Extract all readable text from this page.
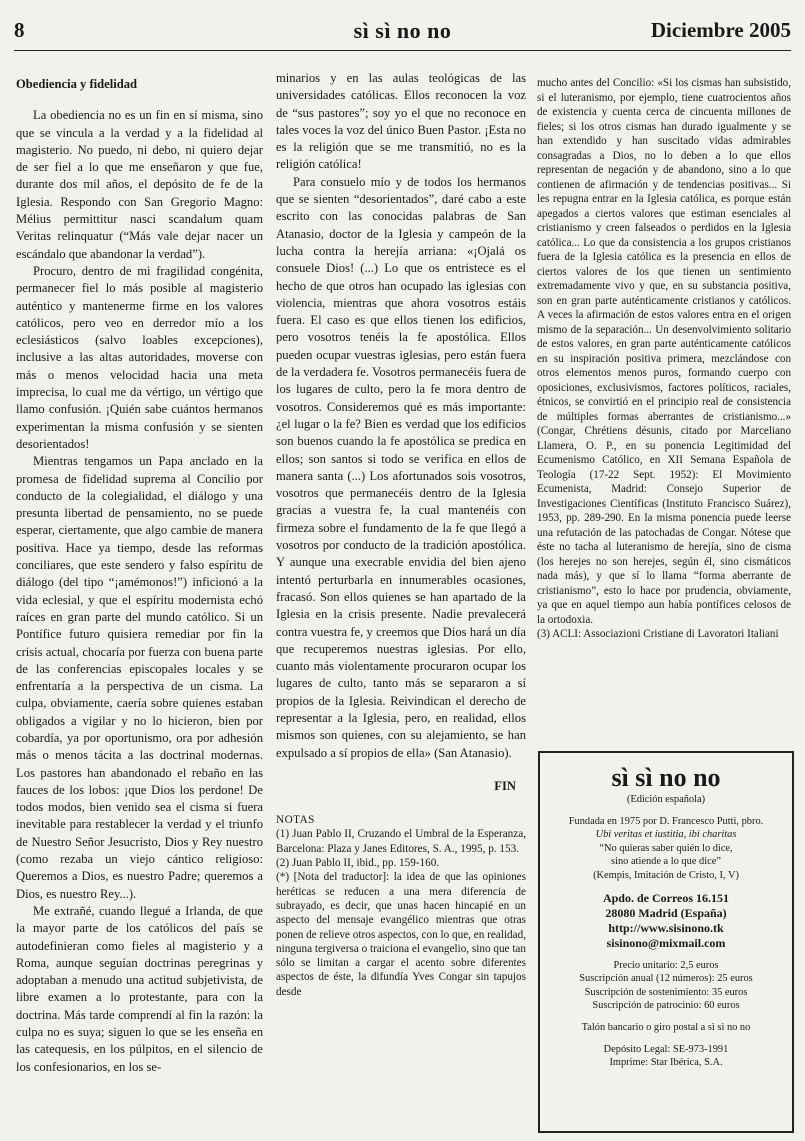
8	sì sì no no	Diciembre 2005
Obediencia y fidelidad

La obediencia no es un fin en sí misma, sino que se vincula a la verdad y a la fidelidad al magisterio. No puedo, ni debo, ni quiero dejar de ser fiel a lo que me enseñaron y que fue, durante dos mil años, el depósito de fe de la Iglesia. Respondo con San Gregorio Magno: Mélius permittitur nasci scandalum quam Veritas relinquatur (“Más vale dejar nacer un escándalo que abandonar la verdad”).

Procuro, dentro de mi fragilidad congénita, permanecer fiel lo más posible al magisterio auténtico y mantenerme firme en los valores católicos, pero veo en derredor mío a los eclesiásticos (salvo loables excepciones), inclusive a las altas autoridades, moverse con más o menos velocidad hacia una meta imprecisa, lo cual me da vértigo, un vértigo que llamo confusión. ¡Quién sabe cuántos hermanos experimentan la misma confusión y se sienten desorientados!

Mientras tengamos un Papa anclado en la promesa de fidelidad suprema al Concilio por conducto de la colegialidad, el diálogo y una presunta libertad de pensamiento, no se puede esperar, ciertamente, que algo cambie de manera positiva. Hace ya tiempo, desde las reformas conciliares, que este sendero y falso espíritu de diálogo (del tipo “¡amémonos!”) inficionó a la vida eclesial, y que el espíritu modernista echó raíces en gran parte del mundo católico. Si un Pontífice futuro quisiera remediar por fin la crisis actual, chocaría por fuerza con buena parte de las conferencias episcopales locales y se enfrentaría a la perspectiva de un cisma. La culpa, obviamente, caería sobre quienes estaban obligados a vigilar y no lo hicieron, bien por cobardía, ya por oportunismo, ora por adhesión más o menos tácita a las doctrinal modernas. Los pastores han abandonado el rebaño en las fauces de los lobos: ¡que Dios los perdone! De todos modos, bien venido sea el cisma si fuera inevitable para restablecer la verdad y el triunfo de Nuestro Señor Jesucristo, Dios y Rey nuestro (como rezaba un viejo cántico religioso: Queremos a Dios, es nuestro Padre; queremos a Dios, es nuestro Rey...).

Me extrañé, cuando llegué a Irlanda, de que la mayor parte de los católicos del país se autodefinieran como fieles al magisterio y a Roma, aunque seguían doctrinas peregrinas y adoptaban a menudo una actitud subjetivista, de libre examen a lo protestante, para con la doctrina. Más tarde comprendí al fin la razón: la culpa no es suya; siguen lo que se les enseña en las catequesis, en los púlpitos, en el silencio de los confesionarios, en los se-

minarios y en las aulas teológicas de las universidades católicas. Ellos reconocen la voz de “sus pastores”; soy yo el que no reconoce en tales voces la voz del único Buen Pastor. ¡Esta no es la religión que se me transmitió, no es la religión católica!

Para consuelo mío y de todos los hermanos que se sienten “desorientados”, daré cabo a este escrito con las conocidas palabras de San Atanasio, doctor de la Iglesia y campeón de la lucha contra la herejía arriana: «¡Ojalá os consuele Dios! (...) Lo que os entristece es el hecho de que otros han ocupado las iglesias con violencia, mientras que ahora vosotros estáis fuera. El caso es que ellos tienen los edificios, pero vosotros tenéis la fe apostólica. Ellos pueden ocupar vuestras iglesias, pero están fuera de la verdadera fe. Vosotros permanecéis fuera de los lugares de culto, pero la fe mora dentro de vosotros. Consideremos qué es más importante: ¿el lugar o la fe? Bien es verdad que los edificios son buenos cuando la fe apostólica se predica en ellos; son santos si todo se verifica en ellos de manera santa (...) Los afortunados sois vosotros, vosotros que permanecéis dentro de la Iglesia gracias a vuestra fe, la cual mantenéis con firmeza sobre el fundamento de la fe que llegó a vosotros por conducto de la tradición apostólica. Y aunque una execrable envidia del bien ajeno intentó perturbarla en innumerables ocasiones, fracasó. Son ellos quienes se han apartado de la Iglesia en la crisis presente. Nadie prevalecerá contra vuestra fe, y creemos que Dios hará un día que recuperemos nuestras iglesias. Por ello, cuanto más violentamente procuraron ocupar los lugares de culto, tanto más se separaron a sí propios de la Iglesia. Reivindican el derecho de representar a la Iglesia, pero, en realidad, ellos mismos son quienes, con su alejamiento, se han expulsado a sí propios de ella» (San Atanasio).

FIN
NOTAS

(1) Juan Pablo II, Cruzando el Umbral de la Esperanza, Barcelona: Plaza y Janes Editores, S. A., 1995, p. 153.

(2) Juan Pablo II, ibid., pp. 159-160.

(*) [Nota del traductor]: la idea de que las opiniones heréticas se reducen a una mera diferencia de subrayado, es decir, que unas hacen hincapié en un aspecto del mensaje evangélico mientras que otras ponen de relieve otros aspectos, con lo que, en realidad, ninguna tergiversa o traiciona el evangelio, sino que tan sólo se limitan a cargar el acento sobre diferentes aspectos de éste, la difundía Yves Congar sin tapujos desde

mucho antes del Concilio: «Si los cismas han subsistido, si el luteranismo, por ejemplo, tiene cuatrocientos años de existencia y cuenta cerca de cincuenta millones de fieles; si los otros cismas han durado igualmente y se han extendido y han suscitado vidas admirables consagradas a Dios, no lo deben a lo que ellos representan de negación y de abandono, sino a lo que contienen de afirmación y de tendencias positivas... Si les repugna entrar en la Iglesia católica, es porque están apegados a ciertos valores que estiman esenciales al cristianismo y creen falseados o perdidos en la Iglesia católica... Lo que da consistencia a los grupos cristianos fuera de la Iglesia católica es la presencia en ellos de ciertos valores de los que tienen un sentimiento extremadamente vivo y que, en su substancia positiva, son en gran parte auténticamente cristianos y católicos. A veces la afirmación de estos valores entra en el origen mismo de la separación... Un desenvolvimiento solitario de estos valores, en gran parte auténticamente católicos en su inspiración positiva primera, mezclándose con otros elementos menos puros, formando cuerpo con oposiciones, exclusivismos, factores políticos, raciales, étnicos, se convirtió en el principio real de consistencia de múltiples formas aberrantes de cristianismo...» (Congar, Chrétiens désunis, citado por Marceliano Llamera, O. P., en su ponencia Legitimidad del Ecumenismo Católico, en XII Semana Española de Teología (17-22 Sept. 1952): El Movimiento Ecumenista, Madrid: Consejo Superior de Investigaciones Científicas (Instituto Francisco Suárez), 1953, pp. 289-290. En la misma ponencia puede leerse una refutación de las patochadas de Congar. Nótese que éste no tacha al luteranismo de herejía, sino de cisma (los herejes no son herejes, según él, sino cismáticos nada más), y que sí lo llama “forma aberrante de cristianismo”, esto lo hace por prudencia, obviamente, ya que en aquel tiempo aun había pontífices celosos de la ortodoxia.

(3) ACLI: Associazioni Cristiane di Lavoratori Italiani

sì sì no no
(Edición española)
Fundada en 1975 por D. Francesco Putti, pbro.
Ubi veritas et iustitia, ibi charitas
“No quieras saber quién lo dice,
sino atiende a lo que dice”
(Kempis, Imitación de Cristo, I, V)
Apdo. de Correos 16.151
28080 Madrid (España)
http://www.sisinono.tk
sisinono@mixmail.com
Precio unitario: 2,5 euros
Suscripción anual (12 números): 25 euros
Suscripción de sostenimiento: 35 euros
Suscripción de patrocinio: 60 euros
Talón bancario o giro postal a sì sì no no
Depósito Legal: SE-973-1991
Imprime: Star Ibérica, S.A.
